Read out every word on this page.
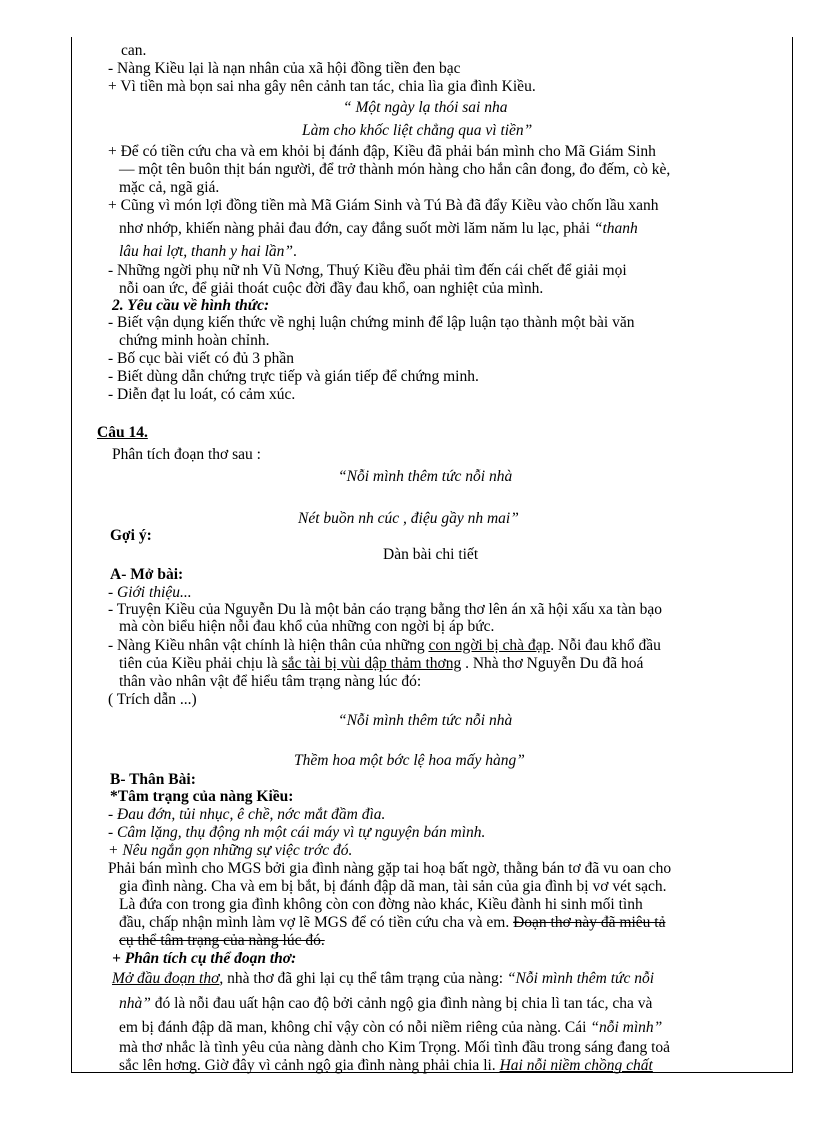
can.
- Nàng Kiều lại là nạn nhân của xã hội đồng tiền đen bạc
+ Vì tiền mà bọn sai nha gây nên cảnh tan tác, chia lìa gia đình Kiều.
“ Một ngày lạ thói sai nha
Làm cho khốc liệt chẳng qua vì tiền”
+ Để có tiền cứu cha và em khỏi bị đánh đập, Kiều đã phải bán mình cho Mã Giám Sinh
— một tên buôn thịt bán người, để trở thành món hàng cho hắn cân đong, đo đếm, cò kè,
mặc cả, ngã giá.
+ Cũng vì món lợi đồng tiền mà Mã Giám Sinh và Tú Bà đã đẩy Kiều vào chốn lầu xanh
nhơ nhớp, khiến nàng phải đau đớn, cay đắng suốt mời lăm năm lu lạc, phải “thanh
lâu hai lợt, thanh y hai lần”.
- Những ngời phụ nữ nh Vũ Nơng, Thuý Kiều đều phải tìm đến cái chết để giải mọi
nỗi oan ức, để giải thoát cuộc đời đầy đau khổ, oan nghiệt của mình.
2. Yêu cầu về hình thức:
- Biết vận dụng kiến thức về nghị luận chứng minh để lập luận tạo thành một bài văn
chứng minh hoàn chỉnh.
- Bố cục bài viết có đủ 3 phần
- Biết dùng dẫn chứng trực tiếp và gián tiếp để chứng minh.
- Diễn đạt lu loát, có cảm xúc.
Câu 14.
Phân tích đoạn thơ sau :
“Nỗi mình thêm tức nỗi nhà
Nét buồn nh cúc , điệu gầy nh mai”
Gợi ý:
Dàn bài chi tiết
A- Mở bài:
- Giới thiệu...
- Truyện Kiều của Nguyễn Du là một bản cáo trạng bằng thơ lên án xã hội xấu xa tàn bạo
mà còn biểu hiện nỗi đau khổ của những con ngời bị áp bức.
- Nàng Kiều nhân vật chính là hiện thân của những con ngời bị chà đạp. Nỗi đau khổ đầu
tiên của Kiều phải chịu là sắc tài bị vùi dập thảm thơng . Nhà thơ Nguyễn Du đã hoá
thân vào nhân vật để hiểu tâm trạng nàng lúc đó:
( Trích dẫn ...)
“Nỗi mình thêm tức nỗi nhà
Thềm hoa một bớc lệ hoa mấy hàng”
B- Thân Bài:
*Tâm trạng của nàng Kiều:
- Đau đớn, tủi nhục, ê chề, nớc mắt đầm đìa.
- Câm lặng, thụ động nh một cái máy vì tự nguyện bán mình.
+ Nêu ngắn gọn những sự việc trớc đó.
Phải bán mình cho MGS bởi gia đình nàng gặp tai hoạ bất ngờ, thằng bán tơ đã vu oan cho
gia đình nàng. Cha và em bị bắt, bị đánh đập dã man, tài sản của gia đình bị vơ vét sạch.
Là đứa con trong gia đình không còn con đờng nào khác, Kiều đành hi sinh mối tình
đầu, chấp nhận mình làm vợ lẽ MGS để có tiền cứu cha và em. Đoạn thơ này đã miêu tả
cụ thể tâm trạng của nàng lúc đó.
+ Phân tích cụ thể đoạn thơ:
Mở đầu đoạn thơ, nhà thơ đã ghi lại cụ thể tâm trạng của nàng: “Nỗi mình thêm tức nỗi
nhà” đó là nỗi đau uất hận cao độ bởi cảnh ngộ gia đình nàng bị chia lì tan tác, cha và
em bị đánh đập dã man, không chỉ vậy còn có nỗi niềm riêng của nàng. Cái “nỗi mình”
mà thơ nhắc là tình yêu của nàng dành cho Kim Trọng. Mối tình đầu trong sáng đang toả
sắc lên hơng. Giờ đây vì cảnh ngộ gia đình nàng phải chia li. Hai nỗi niềm chồng chất
